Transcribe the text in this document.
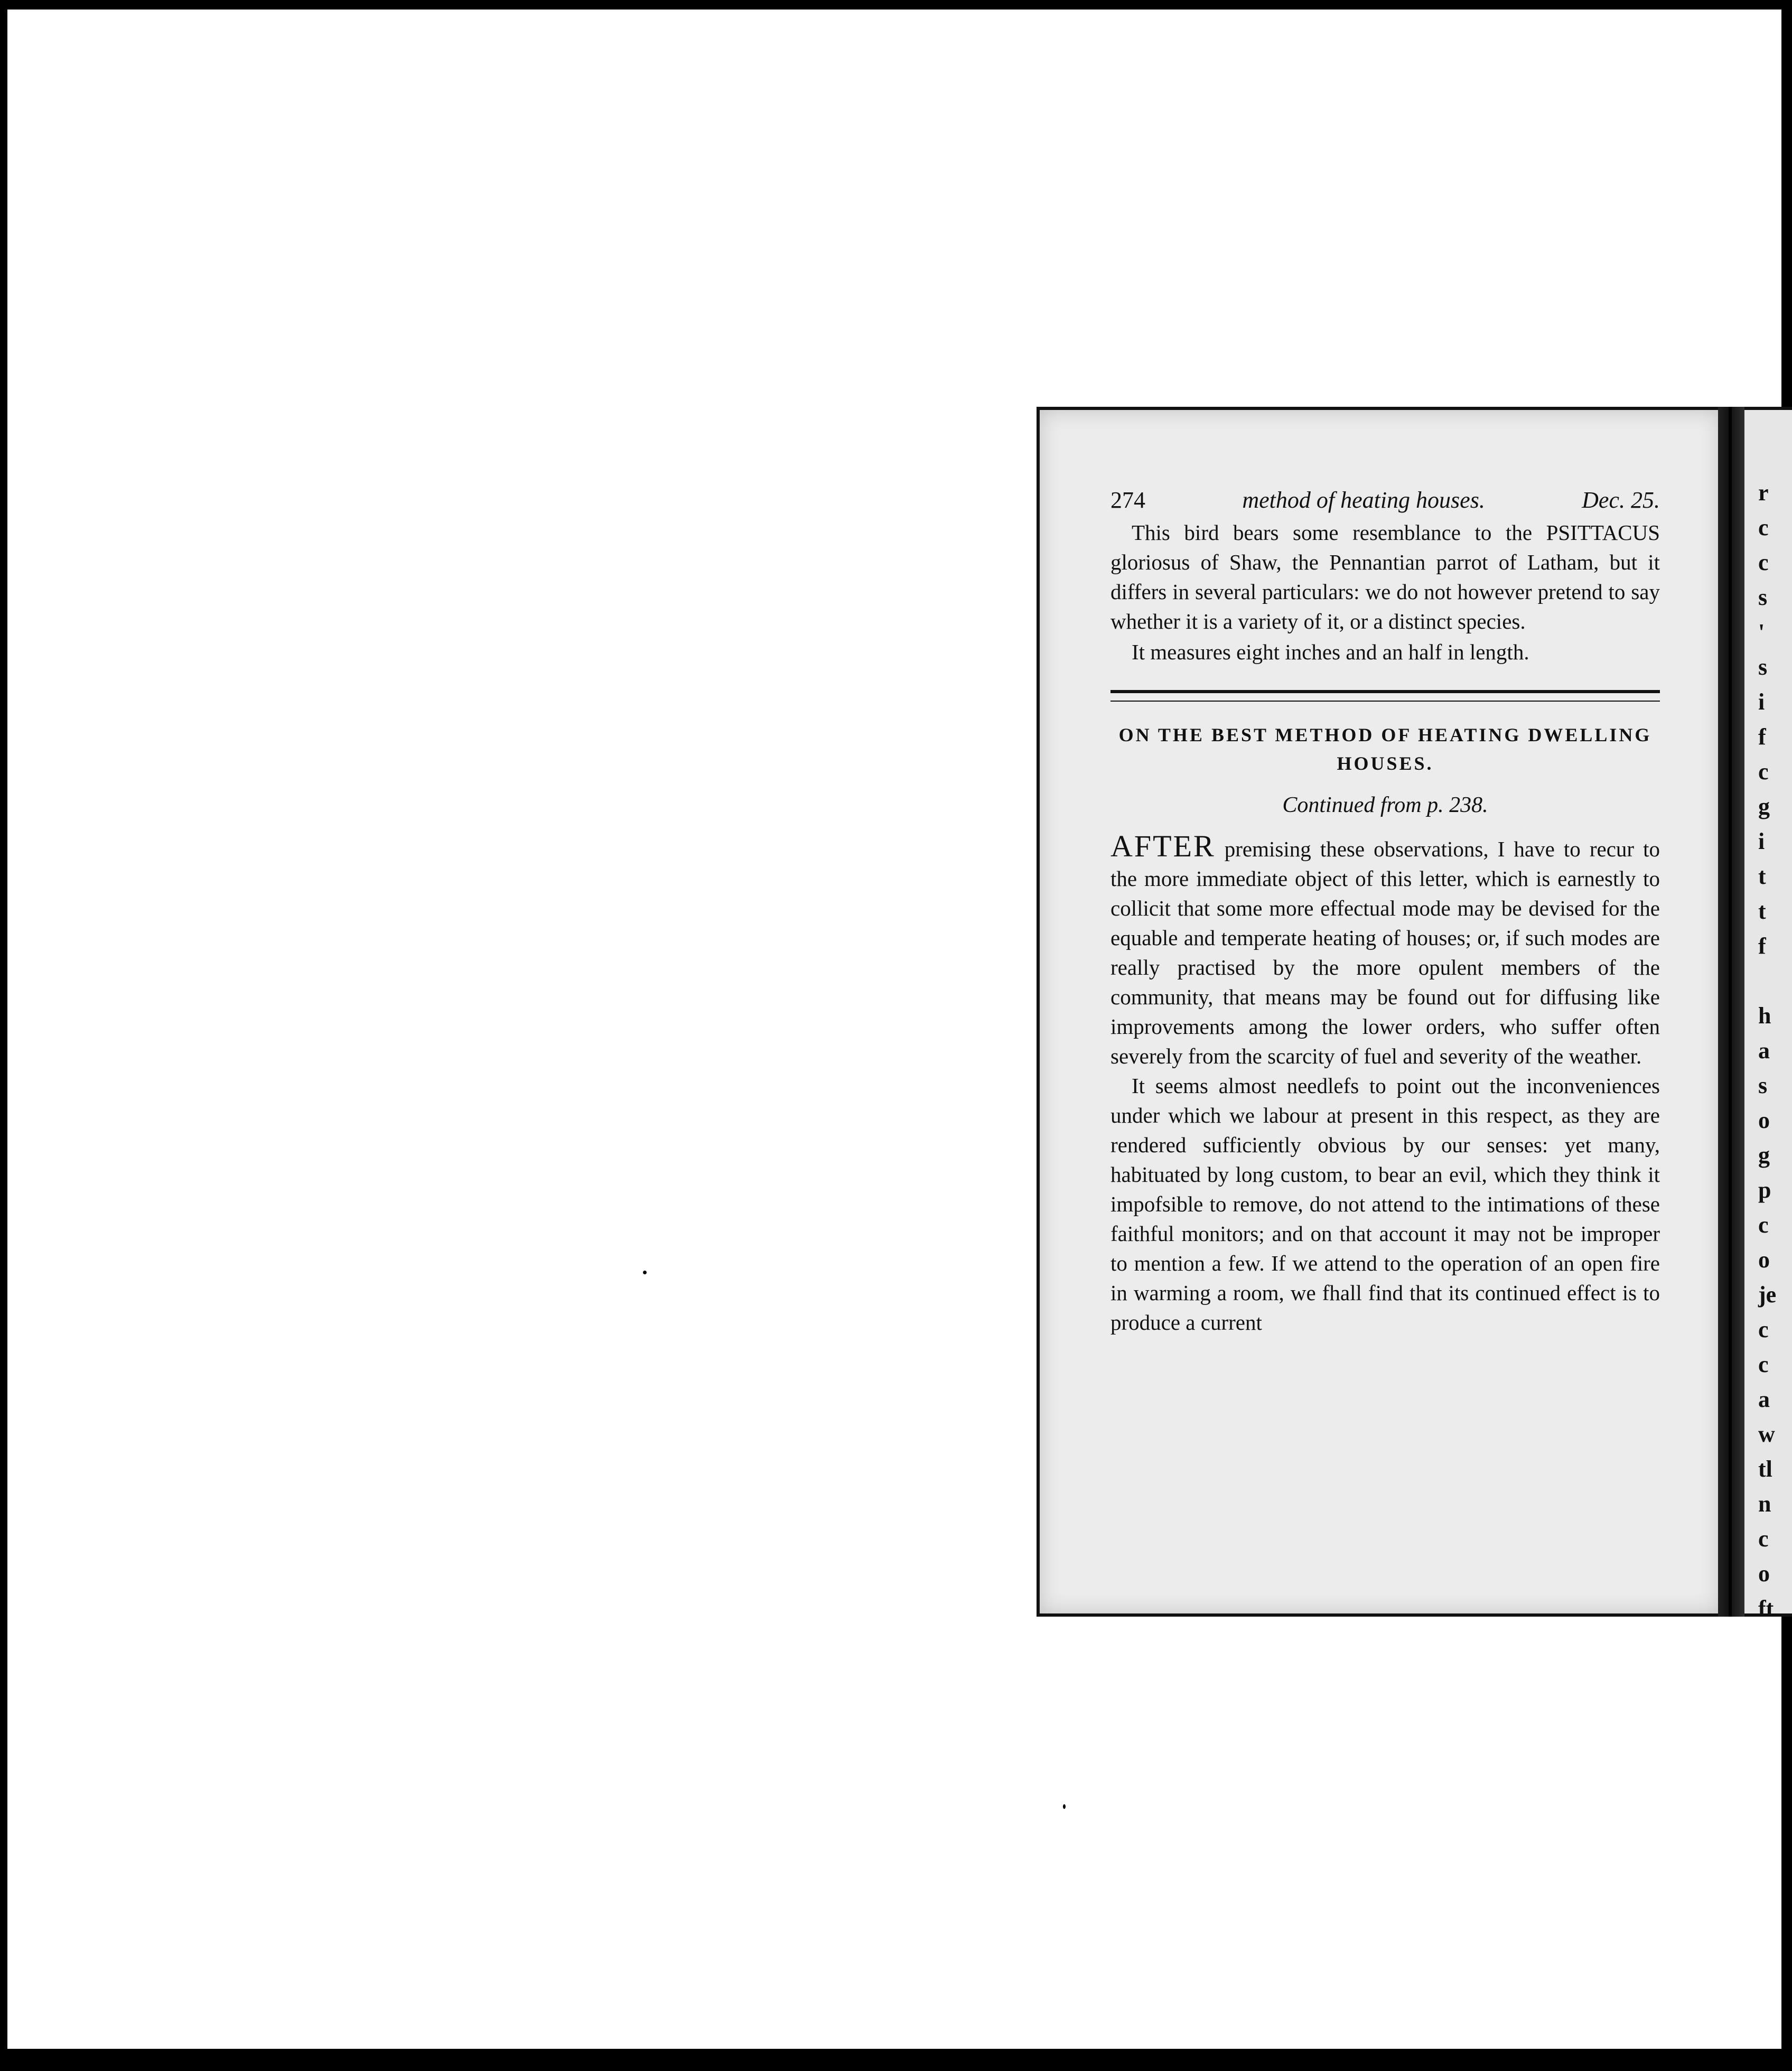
r
c
c
s
'
s
i
f
c
g
i
t
t
f
h
a
s
o
g
p
c
o
je
c
c
a
w
tl
n
c
o
ft
274	method of heating houses.	Dec. 25.

This bird bears some resemblance to the PSITTACUS gloriosus of Shaw, the Pennantian parrot of Latham, but it differs in several particulars: we do not however pretend to say whether it is a variety of it, or a distinct species.

It measures eight inches and an half in length.

ON THE BEST METHOD OF HEATING DWELLING HOUSES.
Continued from p. 238.

AFTER premising these observations, I have to recur to the more immediate object of this letter, which is earnestly to collicit that some more effectual mode may be devised for the equable and temperate heating of houses; or, if such modes are really practised by the more opulent members of the community, that means may be found out for diffusing like improvements among the lower orders, who suffer often severely from the scarcity of fuel and severity of the weather.

It seems almost needlefs to point out the inconveniences under which we labour at present in this respect, as they are rendered sufficiently obvious by our senses: yet many, habituated by long custom, to bear an evil, which they think it impofsible to remove, do not attend to the intimations of these faithful monitors; and on that account it may not be improper to mention a few. If we attend to the operation of an open fire in warming a room, we fhall find that its continued effect is to produce a current
